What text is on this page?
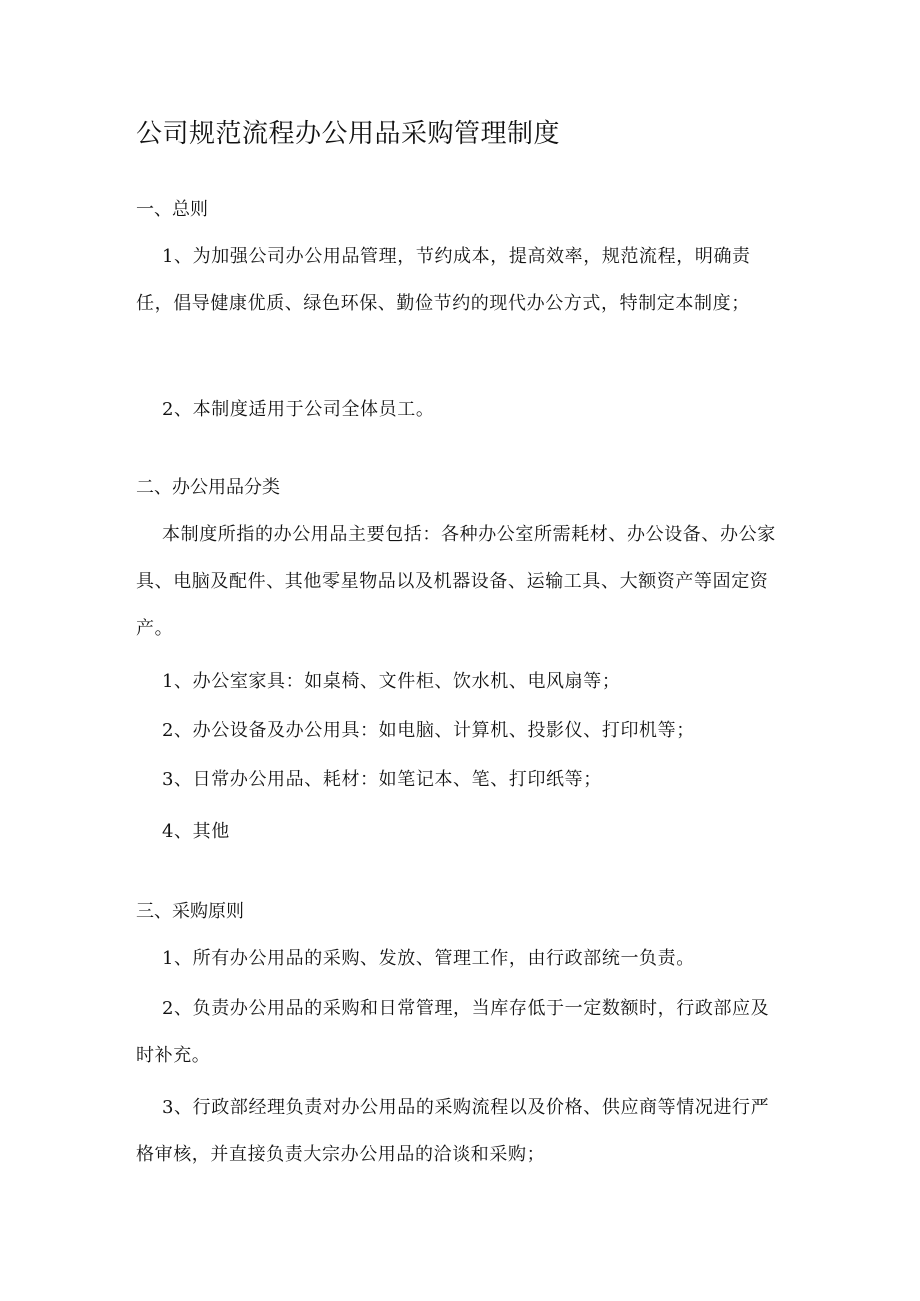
公司规范流程办公用品采购管理制度
一、总则
1、为加强公司办公用品管理，节约成本，提高效率，规范流程，明确责任，倡导健康优质、绿色环保、勤俭节约的现代办公方式，特制定本制度；
2、本制度适用于公司全体员工。
二、办公用品分类
本制度所指的办公用品主要包括：各种办公室所需耗材、办公设备、办公家具、电脑及配件、其他零星物品以及机器设备、运输工具、大额资产等固定资产。
1、办公室家具：如桌椅、文件柜、饮水机、电风扇等；
2、办公设备及办公用具：如电脑、计算机、投影仪、打印机等；
3、日常办公用品、耗材：如笔记本、笔、打印纸等；
4、其他
三、采购原则
1、所有办公用品的采购、发放、管理工作，由行政部统一负责。
2、负责办公用品的采购和日常管理，当库存低于一定数额时，行政部应及时补充。
3、行政部经理负责对办公用品的采购流程以及价格、供应商等情况进行严格审核，并直接负责大宗办公用品的洽谈和采购；
